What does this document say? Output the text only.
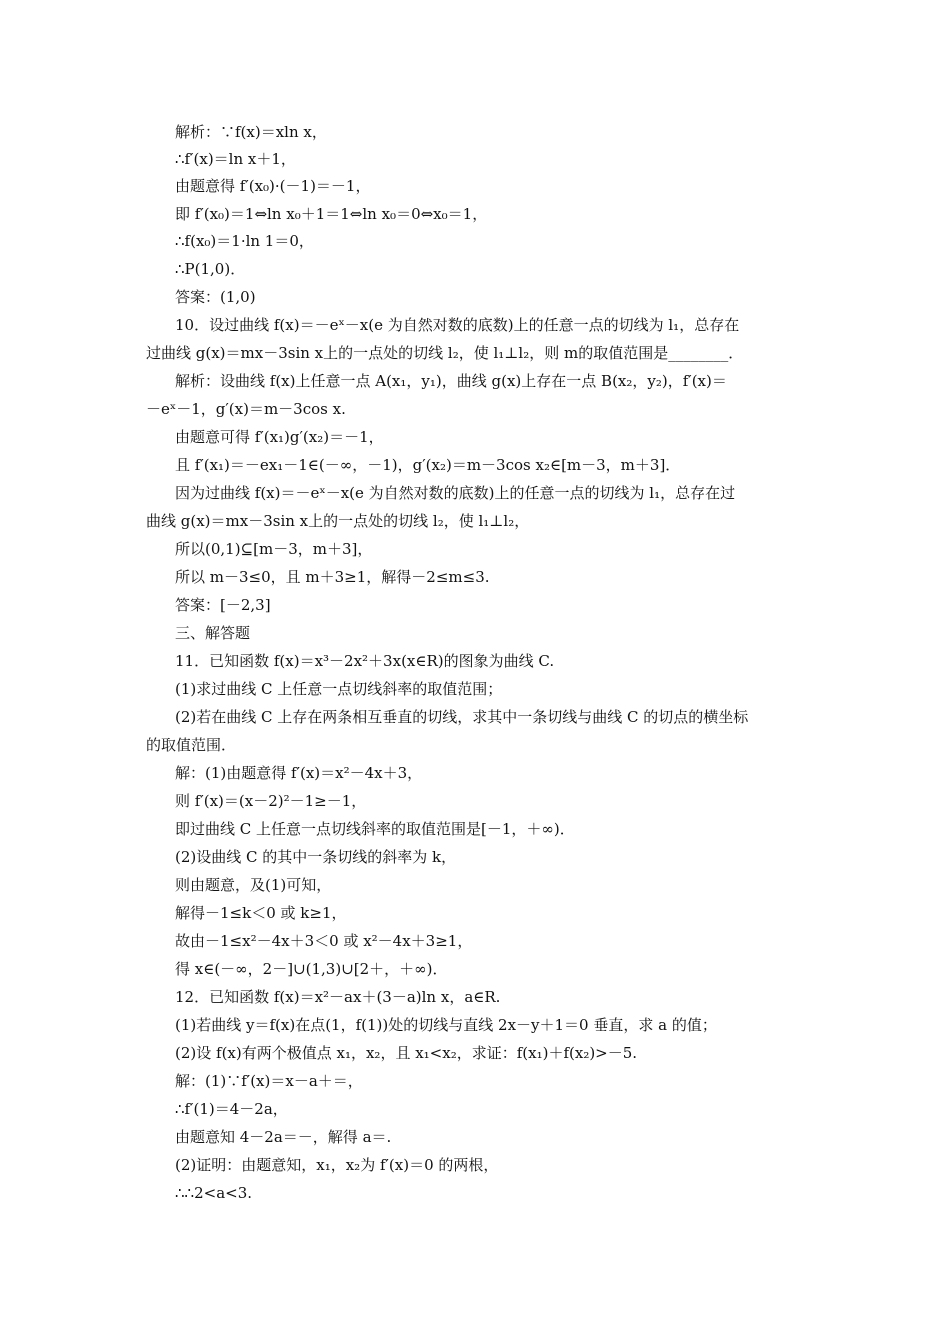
解析：∵f(x)＝xln x，
∴f′(x)＝ln x＋1，
由题意得 f′(x₀)·(－1)＝－1，
即 f′(x₀)＝1⇔ln x₀＋1＝1⇔ln x₀＝0⇔x₀＝1，
∴f(x₀)＝1·ln 1＝0，
∴P(1,0)．
答案：(1,0)
10．设过曲线 f(x)＝－eˣ－x(e 为自然对数的底数)上的任意一点的切线为 l₁，总存在
过曲线 g(x)＝mx－3sin x上的一点处的切线 l₂，使 l₁⊥l₂，则 m的取值范围是________．
解析：设曲线 f(x)上任意一点 A(x₁，y₁)，曲线 g(x)上存在一点 B(x₂，y₂)，f′(x)＝
－eˣ－1，g′(x)＝m－3cos x.
由题意可得 f′(x₁)g′(x₂)＝－1，
且 f′(x₁)＝－ex₁－1∈(－∞，－1)，g′(x₂)＝m－3cos x₂∈[m－3，m＋3]．
因为过曲线 f(x)＝－eˣ－x(e 为自然对数的底数)上的任意一点的切线为 l₁，总存在过
曲线 g(x)＝mx－3sin x上的一点处的切线 l₂，使 l₁⊥l₂，
所以(0,1)⊆[m－3，m＋3]，
所以 m－3≤0，且 m＋3≥1，解得－2≤m≤3.
答案：[－2,3]
三、解答题
11．已知函数 f(x)＝x³－2x²＋3x(x∈R)的图象为曲线 C.
(1)求过曲线 C 上任意一点切线斜率的取值范围；
(2)若在曲线 C 上存在两条相互垂直的切线，求其中一条切线与曲线 C 的切点的横坐标
的取值范围．
解：(1)由题意得 f′(x)＝x²－4x＋3，
则 f′(x)＝(x－2)²－1≥－1，
即过曲线 C 上任意一点切线斜率的取值范围是[－1，＋∞)．
(2)设曲线 C 的其中一条切线的斜率为 k，
则由题意，及(1)可知，
解得－1≤k＜0 或 k≥1，
故由－1≤x²－4x＋3＜0 或 x²－4x＋3≥1，
得 x∈(－∞，2－]∪(1,3)∪[2＋，＋∞)．
12．已知函数 f(x)＝x²－ax＋(3－a)ln x，a∈R.
(1)若曲线 y＝f(x)在点(1，f(1))处的切线与直线 2x－y＋1＝0 垂直，求 a 的值；
(2)设 f(x)有两个极值点 x₁，x₂，且 x₁<x₂，求证：f(x₁)＋f(x₂)>－5.
解：(1)∵f′(x)＝x－a＋＝，
∴f′(1)＝4－2a，
由题意知 4－2a＝－，解得 a＝.
(2)证明：由题意知，x₁，x₂为 f′(x)＝0 的两根，
∴∴2<a<3.
